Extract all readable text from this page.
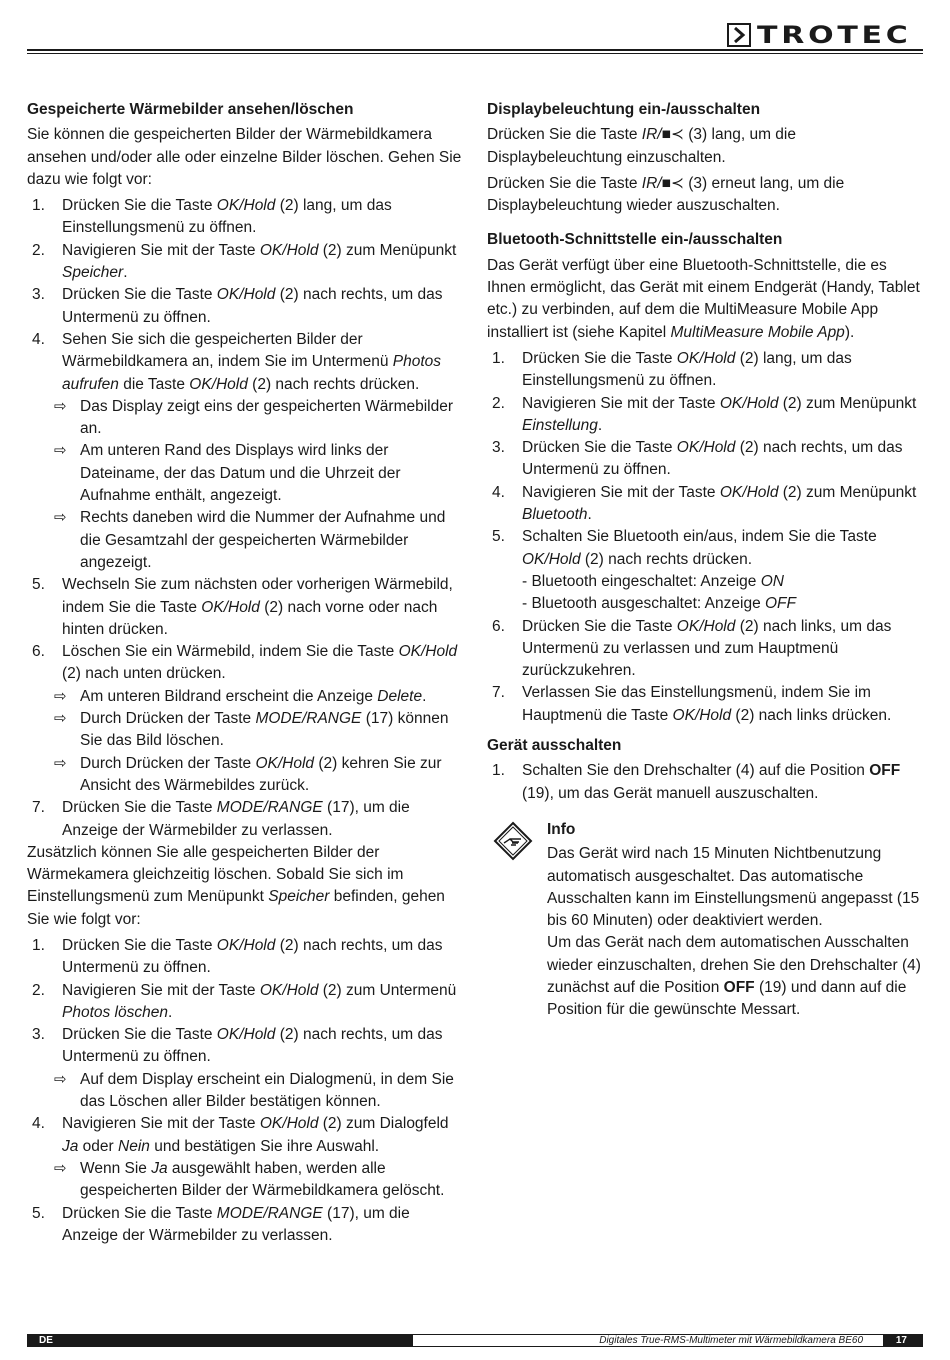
TROTEC
Gespeicherte Wärmebilder ansehen/löschen
Sie können die gespeicherten Bilder der Wärmebildkamera ansehen und/oder alle oder einzelne Bilder löschen. Gehen Sie dazu wie folgt vor:
1. Drücken Sie die Taste OK/Hold (2) lang, um das Einstellungsmenü zu öffnen.
2. Navigieren Sie mit der Taste OK/Hold (2) zum Menüpunkt Speicher.
3. Drücken Sie die Taste OK/Hold (2) nach rechts, um das Untermenü zu öffnen.
4. Sehen Sie sich die gespeicherten Bilder der Wärmebildkamera an, indem Sie im Untermenü Photos aufrufen die Taste OK/Hold (2) nach rechts drücken.
⇨ Das Display zeigt eins der gespeicherten Wärmebilder an.
⇨ Am unteren Rand des Displays wird links der Dateiname, der das Datum und die Uhrzeit der Aufnahme enthält, angezeigt.
⇨ Rechts daneben wird die Nummer der Aufnahme und die Gesamtzahl der gespeicherten Wärmebilder angezeigt.
5. Wechseln Sie zum nächsten oder vorherigen Wärmebild, indem Sie die Taste OK/Hold (2) nach vorne oder nach hinten drücken.
6. Löschen Sie ein Wärmebild, indem Sie die Taste OK/Hold (2) nach unten drücken.
⇨ Am unteren Bildrand erscheint die Anzeige Delete.
⇨ Durch Drücken der Taste MODE/RANGE (17) können Sie das Bild löschen.
⇨ Durch Drücken der Taste OK/Hold (2) kehren Sie zur Ansicht des Wärmebildes zurück.
7. Drücken Sie die Taste MODE/RANGE (17), um die Anzeige der Wärmebilder zu verlassen.
Zusätzlich können Sie alle gespeicherten Bilder der Wärmekamera gleichzeitig löschen. Sobald Sie sich im Einstellungsmenü zum Menüpunkt Speicher befinden, gehen Sie wie folgt vor:
1. Drücken Sie die Taste OK/Hold (2) nach rechts, um das Untermenü zu öffnen.
2. Navigieren Sie mit der Taste OK/Hold (2) zum Untermenü Photos löschen.
3. Drücken Sie die Taste OK/Hold (2) nach rechts, um das Untermenü zu öffnen.
⇨ Auf dem Display erscheint ein Dialogmenü, in dem Sie das Löschen aller Bilder bestätigen können.
4. Navigieren Sie mit der Taste OK/Hold (2) zum Dialogfeld Ja oder Nein und bestätigen Sie ihre Auswahl.
⇨ Wenn Sie Ja ausgewählt haben, werden alle gespeicherten Bilder der Wärmebildkamera gelöscht.
5. Drücken Sie die Taste MODE/RANGE (17), um die Anzeige der Wärmebilder zu verlassen.
Displaybeleuchtung ein-/ausschalten
Drücken Sie die Taste IR/■≺ (3) lang, um die Displaybeleuchtung einzuschalten.
Drücken Sie die Taste IR/■≺ (3) erneut lang, um die Displaybeleuchtung wieder auszuschalten.
Bluetooth-Schnittstelle ein-/ausschalten
Das Gerät verfügt über eine Bluetooth-Schnittstelle, die es Ihnen ermöglicht, das Gerät mit einem Endgerät (Handy, Tablet etc.) zu verbinden, auf dem die MultiMeasure Mobile App installiert ist (siehe Kapitel MultiMeasure Mobile App).
1. Drücken Sie die Taste OK/Hold (2) lang, um das Einstellungsmenü zu öffnen.
2. Navigieren Sie mit der Taste OK/Hold (2) zum Menüpunkt Einstellung.
3. Drücken Sie die Taste OK/Hold (2) nach rechts, um das Untermenü zu öffnen.
4. Navigieren Sie mit der Taste OK/Hold (2) zum Menüpunkt Bluetooth.
5. Schalten Sie Bluetooth ein/aus, indem Sie die Taste OK/Hold (2) nach rechts drücken.
- Bluetooth eingeschaltet: Anzeige ON
- Bluetooth ausgeschaltet: Anzeige OFF
6. Drücken Sie die Taste OK/Hold (2) nach links, um das Untermenü zu verlassen und zum Hauptmenü zurückzukehren.
7. Verlassen Sie das Einstellungsmenü, indem Sie im Hauptmenü die Taste OK/Hold (2) nach links drücken.
Gerät ausschalten
1. Schalten Sie den Drehschalter (4) auf die Position OFF (19), um das Gerät manuell auszuschalten.
Info
Das Gerät wird nach 15 Minuten Nichtbenutzung automatisch ausgeschaltet. Das automatische Ausschalten kann im Einstellungsmenü angepasst (15 bis 60 Minuten) oder deaktiviert werden.
Um das Gerät nach dem automatischen Ausschalten wieder einzuschalten, drehen Sie den Drehschalter (4) zunächst auf die Position OFF (19) und dann auf die Position für die gewünschte Messart.
DE	Digitales True-RMS-Multimeter mit Wärmebildkamera BE60	17
